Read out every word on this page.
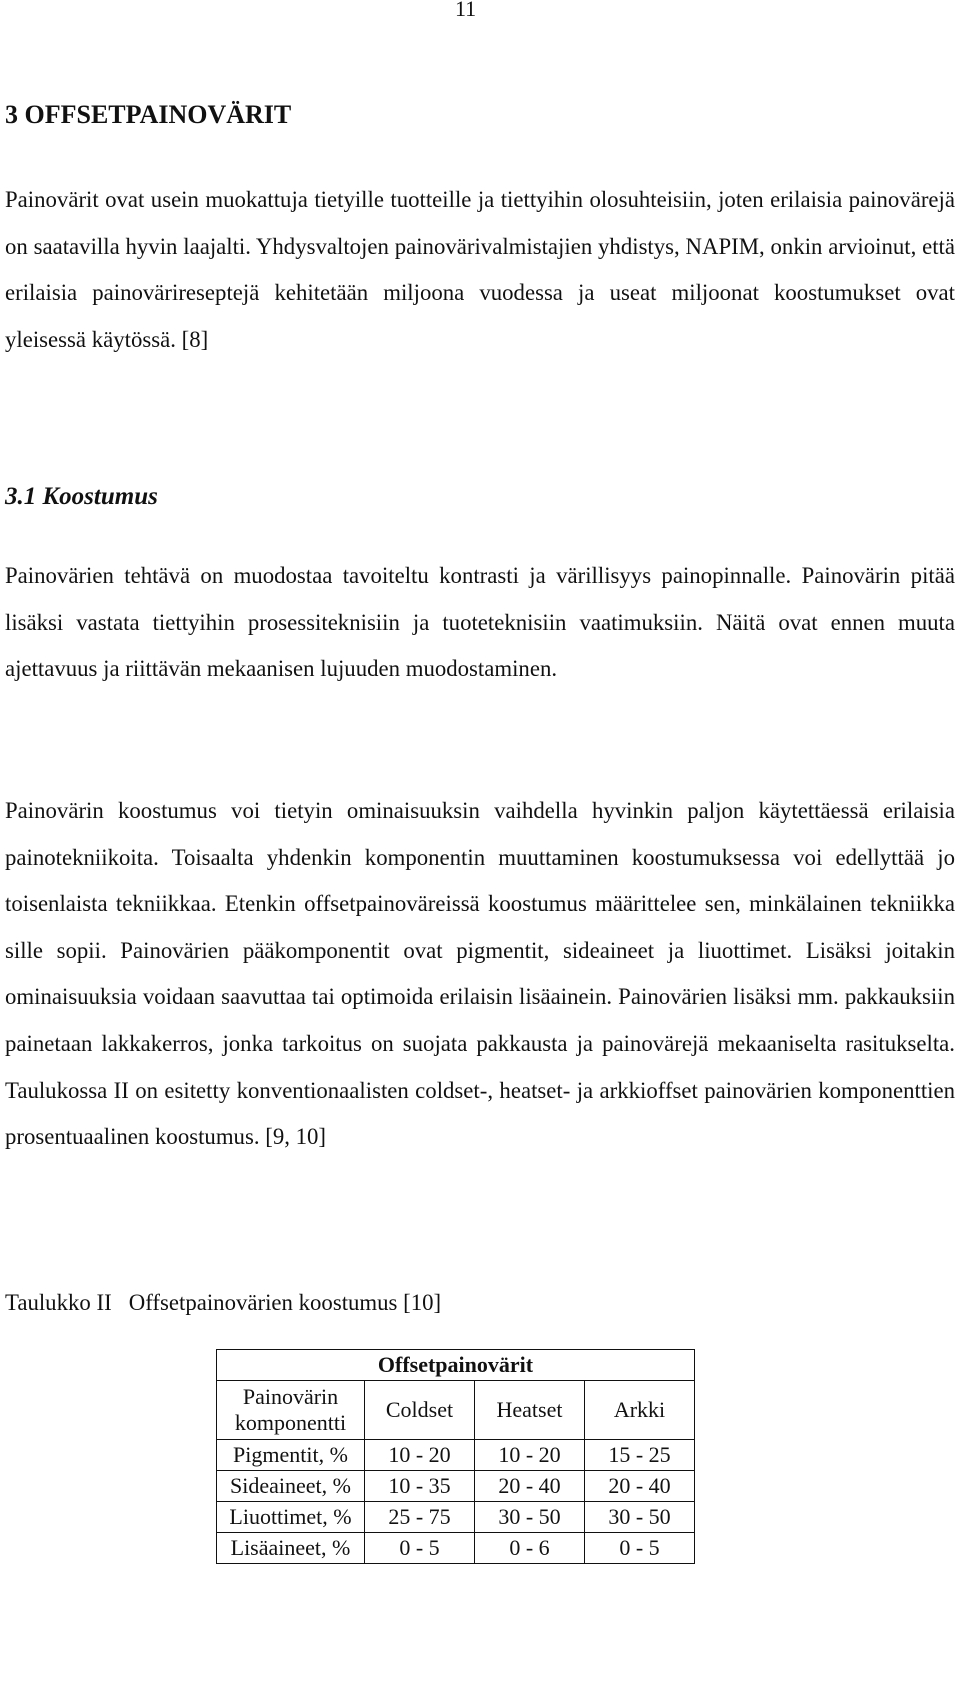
11
3 OFFSETPAINOVÄRIT

Painovärit ovat usein muokattuja tietyille tuotteille ja tiettyihin olosuhteisiin, joten erilaisia painovärejä on saatavilla hyvin laajalti. Yhdysvaltojen painovärivalmistajien yhdistys, NAPIM, onkin arvioinut, että erilaisia painovärireseptejä kehitetään miljoona vuodessa ja useat miljoonat koostumukset ovat yleisessä käytössä. [8]

3.1 Koostumus

Painovärien tehtävä on muodostaa tavoiteltu kontrasti ja värillisyys painopinnalle. Painovärin pitää lisäksi vastata tiettyihin prosessiteknisiin ja tuoteteknisiin vaatimuksiin. Näitä ovat ennen muuta ajettavuus ja riittävän mekaanisen lujuuden muodostaminen.

Painovärin koostumus voi tietyin ominaisuuksin vaihdella hyvinkin paljon käytettäessä erilaisia painotekniikoita. Toisaalta yhdenkin komponentin muuttaminen koostumuksessa voi edellyttää jo toisenlaista tekniikkaa. Etenkin offsetpainoväreissä koostumus määrittelee sen, minkälainen tekniikka sille sopii. Painovärien pääkomponentit ovat pigmentit, sideaineet ja liuottimet. Lisäksi joitakin ominaisuuksia voidaan saavuttaa tai optimoida erilaisin lisäainein. Painovärien lisäksi mm. pakkauksiin painetaan lakkakerros, jonka tarkoitus on suojata pakkausta ja painovärejä mekaaniselta rasitukselta. Taulukossa II on esitetty konventionaalisten coldset-, heatset- ja arkkioffset painovärien komponenttien prosentuaalinen koostumus. [9, 10]

Taulukko II   Offsetpainovärien koostumus [10]
Offsetpainovärit			
Painovärin
komponentti	Coldset	Heatset	Arkki
Pigmentit, %	10 - 20	10 - 20	15 - 25
Sideaineet, %	10 - 35	20 - 40	20 - 40
Liuottimet, %	25 - 75	30 - 50	30 - 50
Lisäaineet, %	0 - 5	0 - 6	0 - 5
